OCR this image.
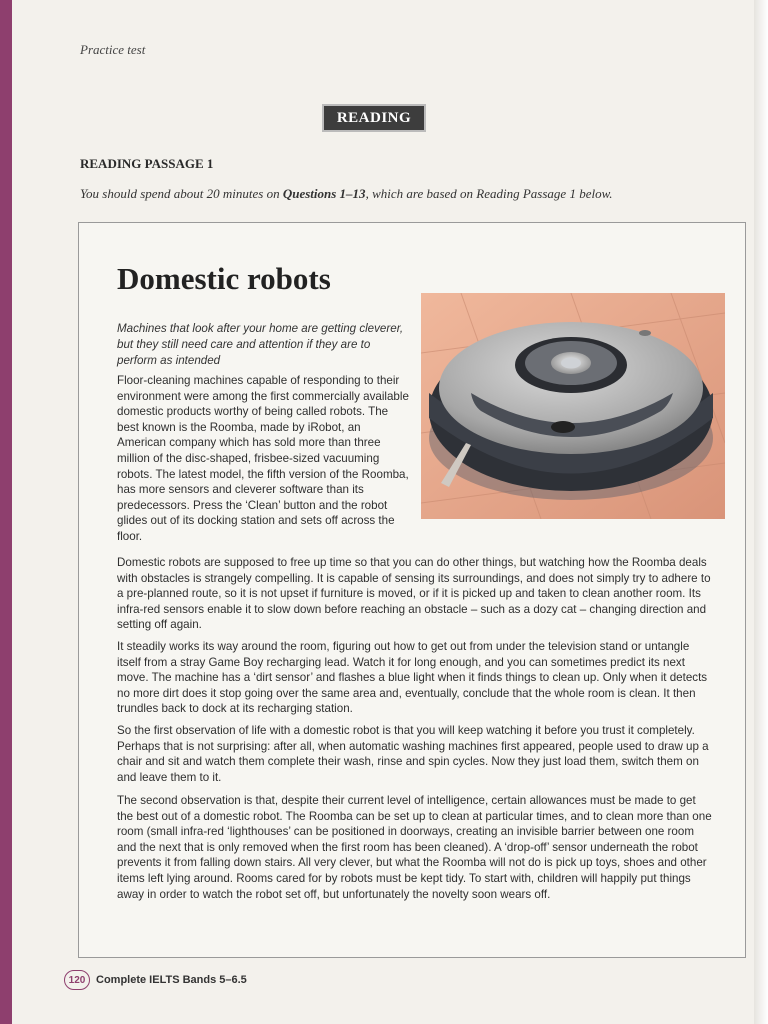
Practice test
READING
READING PASSAGE 1
You should spend about 20 minutes on Questions 1–13, which are based on Reading Passage 1 below.
Domestic robots
Machines that look after your home are getting cleverer, but they still need care and attention if they are to perform as intended

Floor-cleaning machines capable of responding to their environment were among the first commercially available domestic products worthy of being called robots. The best known is the Roomba, made by iRobot, an American company which has sold more than three million of the disc-shaped, frisbee-sized vacuuming robots. The latest model, the fifth version of the Roomba, has more sensors and cleverer software than its predecessors. Press the ‘Clean’ button and the robot glides out of its docking station and sets off across the floor.

Domestic robots are supposed to free up time so that you can do other things, but watching how the Roomba deals with obstacles is strangely compelling. It is capable of sensing its surroundings, and does not simply try to adhere to a pre-planned route, so it is not upset if furniture is moved, or if it is picked up and taken to clean another room. Its infra-red sensors enable it to slow down before reaching an obstacle – such as a dozy cat – changing direction and setting off again.

It steadily works its way around the room, figuring out how to get out from under the television stand or untangle itself from a stray Game Boy recharging lead. Watch it for long enough, and you can sometimes predict its next move. The machine has a ‘dirt sensor’ and flashes a blue light when it finds things to clean up. Only when it detects no more dirt does it stop going over the same area and, eventually, conclude that the whole room is clean. It then trundles back to dock at its recharging station.

So the first observation of life with a domestic robot is that you will keep watching it before you trust it completely. Perhaps that is not surprising: after all, when automatic washing machines first appeared, people used to draw up a chair and sit and watch them complete their wash, rinse and spin cycles. Now they just load them, switch them on and leave them to it.

The second observation is that, despite their current level of intelligence, certain allowances must be made to get the best out of a domestic robot. The Roomba can be set up to clean at particular times, and to clean more than one room (small infra-red ‘lighthouses’ can be positioned in doorways, creating an invisible barrier between one room and the next that is only removed when the first room has been cleaned). A ‘drop-off’ sensor underneath the robot prevents it from falling down stairs. All very clever, but what the Roomba will not do is pick up toys, shoes and other items left lying around. Rooms cared for by robots must be kept tidy. To start with, children will happily put things away in order to watch the robot set off, but unfortunately the novelty soon wears off.

120 Complete IELTS Bands 5–6.5
